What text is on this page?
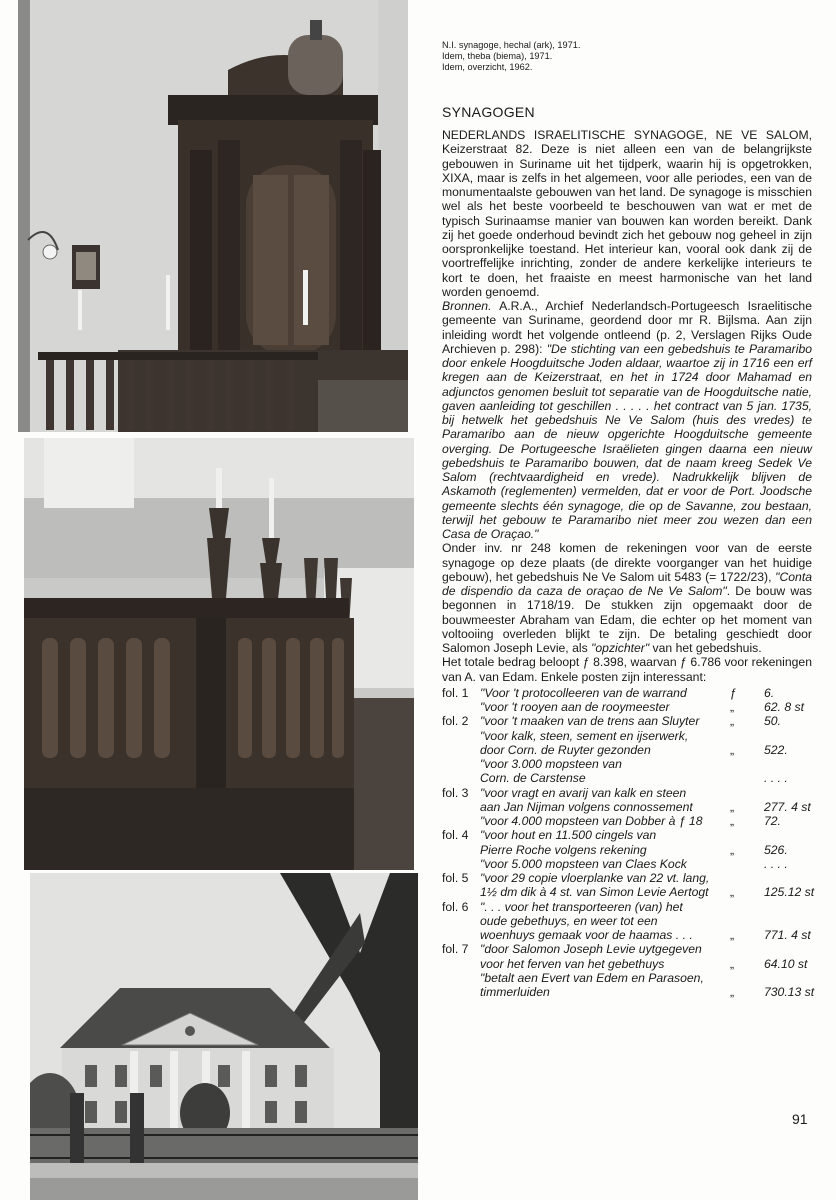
N.I. synagoge, hechal (ark), 1971.
Idem, theba (biema), 1971.
Idem, overzicht, 1962.
SYNAGOGEN

NEDERLANDS ISRAELITISCHE SYNAGOGE, NE VE SALOM, Keizerstraat 82. Deze is niet alleen een van de belangrijkste gebouwen in Suriname uit het tijdperk, waarin hij is opgetrokken, XIXA, maar is zelfs in het algemeen, voor alle periodes, een van de monumentaalste gebouwen van het land. De synagoge is misschien wel als het beste voorbeeld te beschouwen van wat er met de typisch Surinaamse manier van bouwen kan worden bereikt. Dank zij het goede onderhoud bevindt zich het gebouw nog geheel in zijn oorspronkelijke toestand. Het interieur kan, vooral ook dank zij de voortreffelijke inrichting, zonder de andere kerkelijke interieurs te kort te doen, het fraaiste en meest harmonische van het land worden genoemd.

Bronnen. A.R.A., Archief Nederlandsch-Portugeesch Israelitische gemeente van Suriname, geordend door mr R. Bijlsma. Aan zijn inleiding wordt het volgende ontleend (p. 2, Verslagen Rijks Oude Archieven p. 298): "De stichting van een gebedshuis te Paramaribo door enkele Hoogduitsche Joden aldaar, waartoe zij in 1716 een erf kregen aan de Keizerstraat, en het in 1724 door Mahamad en adjunctos genomen besluit tot separatie van de Hoogduitsche natie, gaven aanleiding tot geschillen . . . . . het contract van 5 jan. 1735, bij hetwelk het gebedshuis Ne Ve Salom (huis des vredes) te Paramaribo aan de nieuw opgerichte Hoogduitsche gemeente overging. De Portugeesche Israëlieten gingen daarna een nieuw gebedshuis te Paramaribo bouwen, dat de naam kreeg Sedek Ve Salom (rechtvaardigheid en vrede). Nadrukkelijk blijven de Askamoth (reglementen) vermelden, dat er voor de Port. Joodsche gemeente slechts één synagoge, die op de Savanne, zou bestaan, terwijl het gebouw te Paramaribo niet meer zou wezen dan een Casa de Oraçao."

Onder inv. nr 248 komen de rekeningen voor van de eerste synagoge op deze plaats (de direkte voorganger van het huidige gebouw), het gebedshuis Ne Ve Salom uit 5483 (= 1722/23), "Conta de dispendio da caza de oraçao de Ne Ve Salom". De bouw was begonnen in 1718/19. De stukken zijn opgemaakt door de bouwmeester Abraham van Edam, die echter op het moment van voltooiing overleden blijkt te zijn. De betaling geschiedt door Salomon Joseph Levie, als "opzichter" van het gebedshuis.

Het totale bedrag beloopt ƒ 8.398, waarvan ƒ 6.786 voor rekeningen van A. van Edam. Enkele posten zijn interessant:

fol. 1 "Voor 't protocolleeren van de warrand	ƒ	6.
"voor 't rooyen aan de rooymeester	„	62. 8 st
fol. 2 "voor 't maaken van de trens aan Sluyter	„	50.
"voor kalk, steen, sement en ijserwerk,
door Corn. de Ruyter gezonden	„	522.
"voor 3.000 mopsteen van
Corn. de Carstense	. . . .
fol. 3 "voor vragt en avarij van kalk en steen
aan Jan Nijman volgens connossement	„	277. 4 st
"voor 4.000 mopsteen van Dobber à ƒ 18	„	72.
fol. 4 "voor hout en 11.500 cingels van
Pierre Roche volgens rekening	„	526.
"voor 5.000 mopsteen van Claes Kock	. . . .
fol. 5 "voor 29 copie vloerplanke van 22 vt. lang,
1½ dm dik à 4 st. van Simon Levie Aertogt	„	125.12 st
fol. 6 ". . . voor het transporteeren (van) het
oude gebethuys, en weer tot een
woenhuys gemaak voor de haamas . . .	„	771. 4 st
fol. 7 "door Salomon Joseph Levie uytgegeven
voor het ferven van het gebethuys	„	64.10 st
"betalt aen Evert van Edem en Parasoen,
timmerluiden	„	730.13 st
91
